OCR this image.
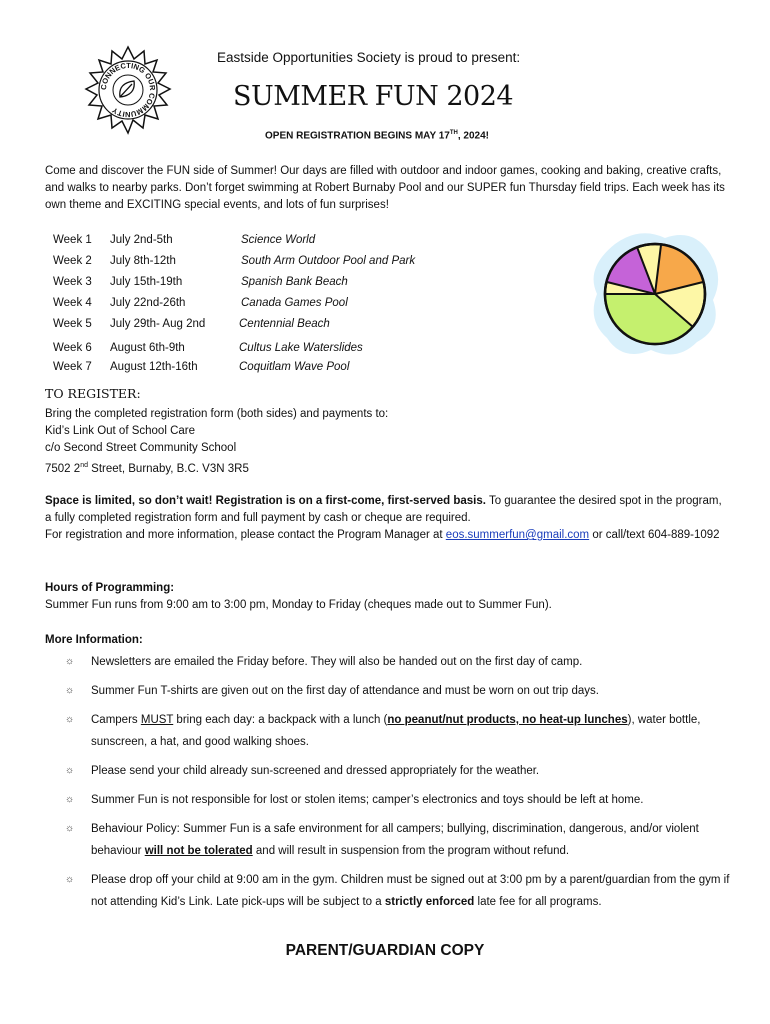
CONNECTING OUR COMMUNITY
Eastside Opportunities Society is proud to present:
SUMMER FUN 2024
OPEN REGISTRATION BEGINS MAY 17TH, 2024!
Come and discover the FUN side of Summer! Our days are filled with outdoor and indoor games, cooking and baking, creative crafts, and walks to nearby parks. Don’t forget swimming at Robert Burnaby Pool and our SUPER fun Thursday field trips. Each week has its own theme and EXCITING special events, and lots of fun surprises!
Week 1 July 2nd-5th	Science World
Week 2 July 8th-12th	South Arm Outdoor Pool and Park
Week 3 July 15th-19th	Spanish Bank Beach
Week 4 July 22nd-26th	Canada Games Pool
Week 5 July 29th- Aug 2nd	Centennial Beach
Week 6 August 6th-9th	Cultus Lake Waterslides
Week 7 August 12th-16th	Coquitlam Wave Pool
TO REGISTER:
Bring the completed registration form (both sides) and payments to:
Kid’s Link Out of School Care
c/o Second Street Community School
7502 2nd Street, Burnaby, B.C. V3N 3R5
Space is limited, so don’t wait! Registration is on a first-come, first-served basis. To guarantee the desired spot in the program, a fully completed registration form and full payment by cash or cheque are required.
For registration and more information, please contact the Program Manager at eos.summerfun@gmail.com or call/text 604-889-1092
Hours of Programming:
Summer Fun runs from 9:00 am to 3:00 pm, Monday to Friday (cheques made out to Summer Fun).
More Information:
☼ Newsletters are emailed the Friday before. They will also be handed out on the first day of camp.
☼ Summer Fun T-shirts are given out on the first day of attendance and must be worn on out trip days.
☼ Campers MUST bring each day: a backpack with a lunch (no peanut/nut products, no heat-up lunches), water bottle, sunscreen, a hat, and good walking shoes.
☼ Please send your child already sun-screened and dressed appropriately for the weather.
☼ Summer Fun is not responsible for lost or stolen items; camper’s electronics and toys should be left at home.
☼ Behaviour Policy: Summer Fun is a safe environment for all campers; bullying, discrimination, dangerous, and/or violent behaviour will not be tolerated and will result in suspension from the program without refund.
☼ Please drop off your child at 9:00 am in the gym. Children must be signed out at 3:00 pm by a parent/guardian from the gym if not attending Kid’s Link. Late pick-ups will be subject to a strictly enforced late fee for all programs.
PARENT/GUARDIAN COPY
